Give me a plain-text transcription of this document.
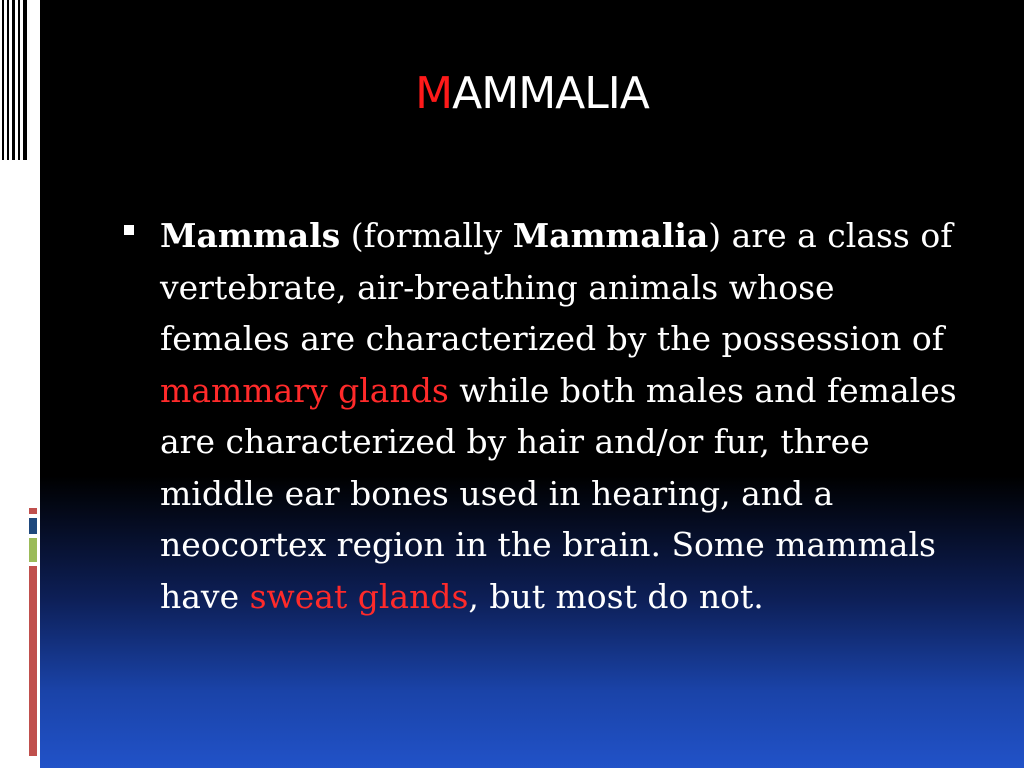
MAMMALIA
Mammals (formally Mammalia) are a class of vertebrate, air-breathing animals whose females are characterized by the possession of mammary glands while both males and females are characterized by hair and/or fur, three middle ear bones used in hearing, and a neocortex region in the brain. Some mammals have sweat glands, but most do not.
